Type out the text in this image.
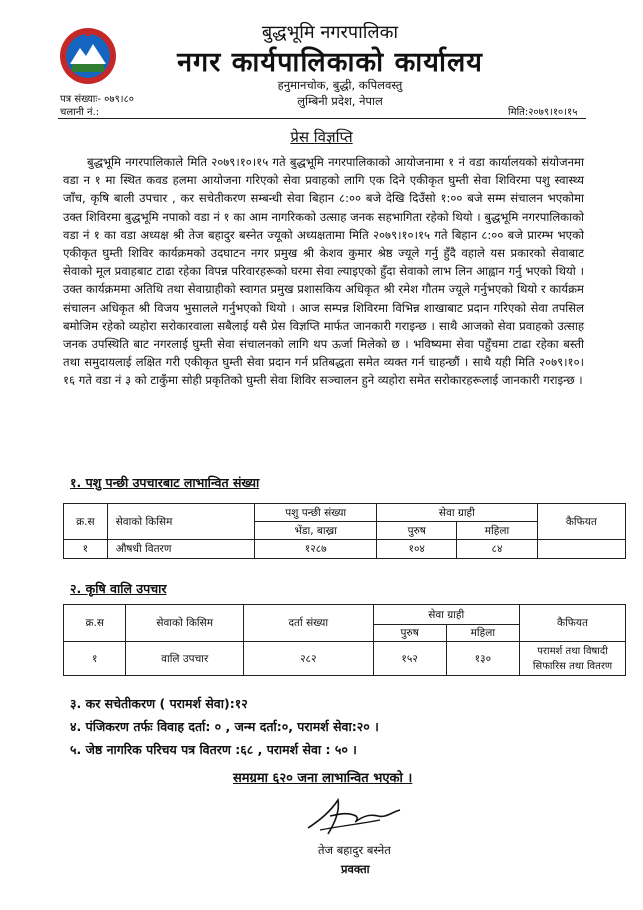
बुद्धभूमि नगरपालिका
नगर कार्यपालिकाको कार्यालय
हनुमानचोक, बुद्धी, कपिलवस्तु
लुम्बिनी प्रदेश, नेपाल
पत्र संख्याः- ०७९।८०
चलानी नं.:	मिति:२०७९।१०।१५
प्रेस विज्ञप्ति
बुद्धभूमि नगरपालिकाले मिति २०७९।१०।१५ गते बुद्धभूमि नगरपालिकाको आयोजनामा १ नं वडा कार्यालयको संयोजनमा वडा न १ मा स्थित कवड हलमा आयोजना गरिएको सेवा प्रवाहको लागि एक दिने एकीकृत घुम्ती सेवा शिविरमा पशु स्वास्थ्य जाँच, कृषि बाली उपचार , कर सचेतीकरण सम्बन्धी सेवा बिहान ८:०० बजे देखि दिउँसो १:०० बजे सम्म संचालन भएकोमा उक्त शिविरमा बुद्धभूमि नपाको वडा नं १ का आम नागरिकको उत्साह जनक सहभागिता रहेको थियो । बुद्धभूमि नगरपालिकाको वडा नं १ का वडा अध्यक्ष श्री तेज बहादुर बस्नेत ज्यूको अध्यक्षतामा मिति २०७९।१०।१५ गते बिहान ८:०० बजे प्रारम्भ भएको एकीकृत घुम्ती शिविर कार्यक्रमको उदघाटन नगर प्रमुख श्री केशव कुमार श्रेष्ठ ज्यूले गर्नु हुँदै वहाले यस प्रकारको सेवाबाट सेवाको मूल प्रवाहबाट टाढा रहेका विपन्न परिवारहरूको घरमा सेवा ल्याइएको हुँदा सेवाको लाभ लिन आह्वान गर्नु भएको थियो । उक्त कार्यक्रममा अतिथि तथा सेवाग्राहीको स्वागत प्रमुख प्रशासकिय अधिकृत श्री रमेश गौतम ज्यूले गर्नुभएको थियो र कार्यक्रम संचालन अधिकृत श्री विजय भुसालले गर्नुभएको थियो । आज सम्पन्न शिविरमा विभिन्न शाखाबाट प्रदान गरिएको सेवा तपसिल बमोजिम रहेको व्यहोरा सरोकारवाला सबैलाई यसै प्रेस विज्ञप्ति मार्फत जानकारी गराइन्छ । साथै आजको सेवा प्रवाहको उत्साह जनक उपस्थिति बाट नगरलाई घुम्ती सेवा संचालनको लागि थप ऊर्जा मिलेको छ । भविष्यमा सेवा पहुँचमा टाढा रहेका बस्ती तथा समुदायलाई लक्षित गरी एकीकृत घुम्ती सेवा प्रदान गर्न प्रतिबद्धता समेत व्यक्त गर्न चाहन्छौं । साथै यही मिति २०७९।१०।१६ गते वडा नं ३ को टाकुँमा सोही प्रकृतिको घुम्ती सेवा शिविर सञ्चालन हुने व्यहोरा समेत सरोकारहरूलाई जानकारी गराइन्छ ।
१. पशु पन्छी उपचारबाट लाभान्वित संख्या
क्र.स	सेवाको किसिम	पशु पन्छी संख्या	सेवा ग्राही		कैफियत
		भेंडा, बाख्रा	पुरुष	महिला	
१	औषधी वितरण	१२८७	१०४	८४	
२. कृषि वालि उपचार
क्र.स	सेवाको किसिम	दर्ता संख्या	सेवा ग्राही		कैफियत
			पुरुष	महिला	
१	वालि उपचार	२८२	१५२	१३०	परामर्श तथा विषादी
सिफारिस तथा वितरण
३. कर सचेतीकरण ( परामर्श सेवा):१२
४. पंजिकरण तर्फः विवाह दर्ता: ० , जन्म दर्ता:०, परामर्श सेवा:२० ।
५. जेष्ठ नागरिक परिचय पत्र वितरण :६८ , परामर्श सेवा : ५० ।
समग्रमा ६२० जना लाभान्वित भएको ।
तेज बहादुर बस्नेत
प्रवक्ता
